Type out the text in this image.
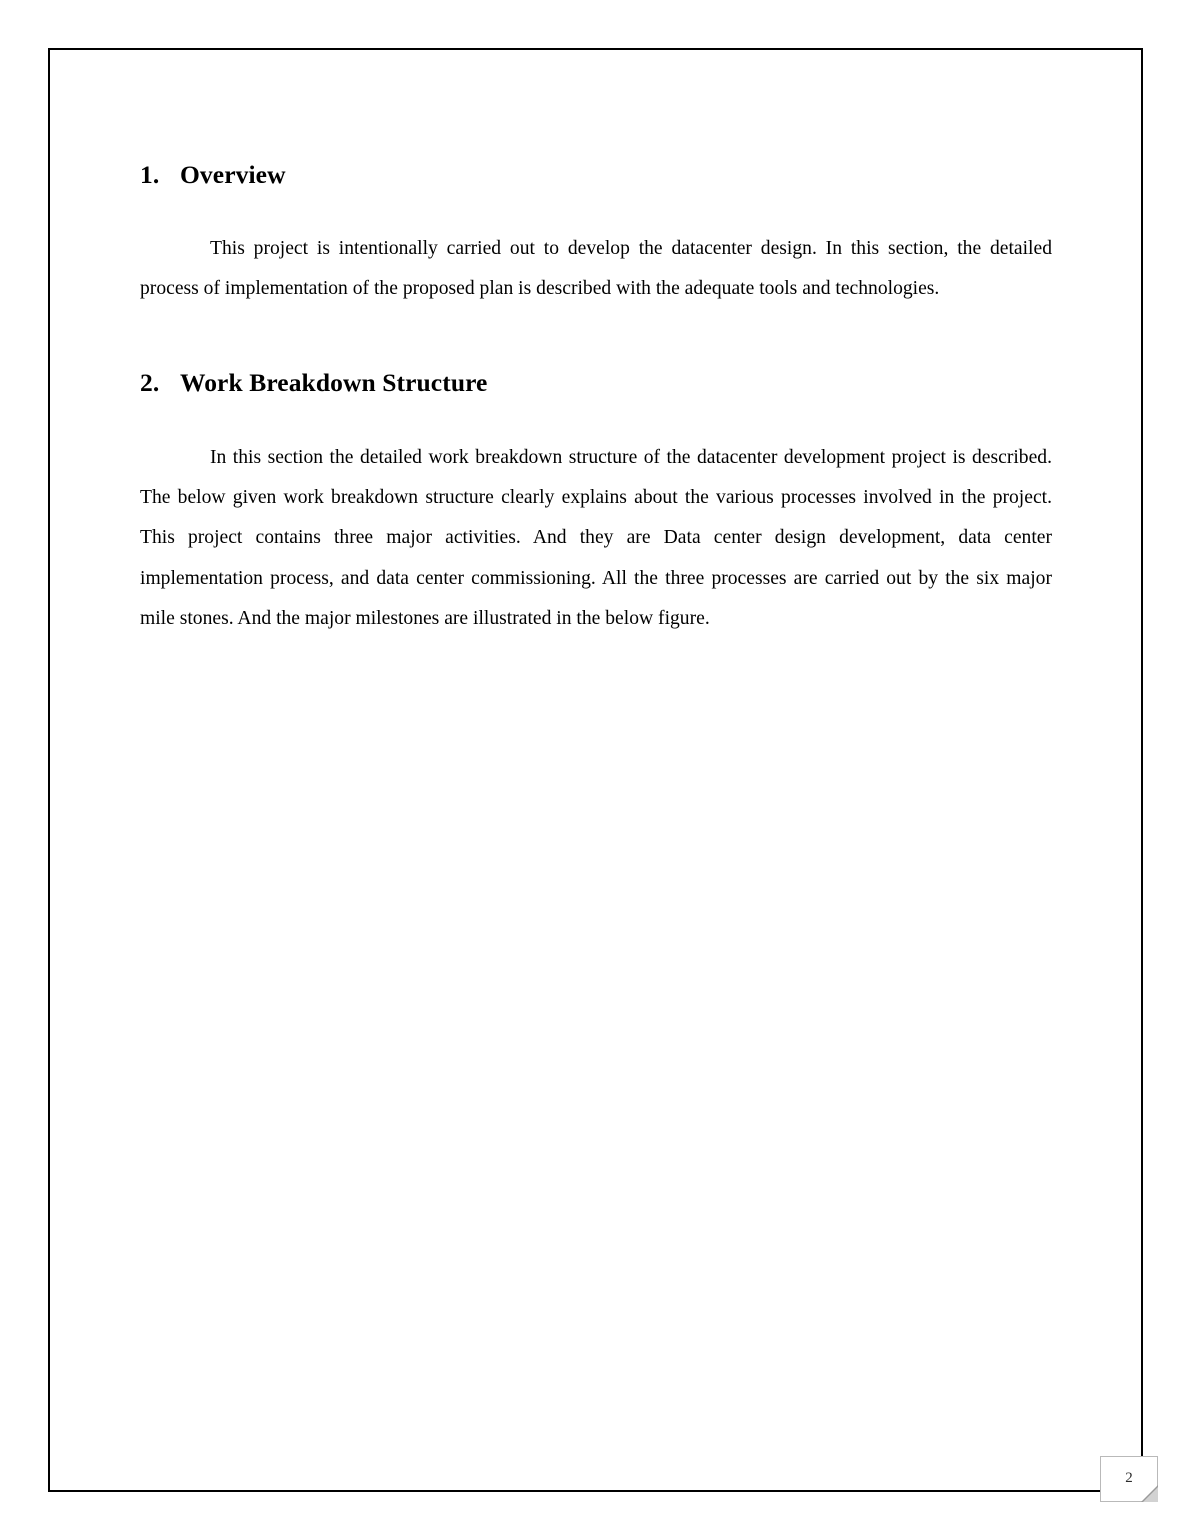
1. Overview

This project is intentionally carried out to develop the datacenter design. In this section, the detailed process of implementation of the proposed plan is described with the adequate tools and technologies.

2. Work Breakdown Structure

In this section the detailed work breakdown structure of the datacenter development project is described. The below given work breakdown structure clearly explains about the various processes involved in the project. This project contains three major activities. And they are Data center design development, data center implementation process, and data center commissioning. All the three processes are carried out by the six major mile stones. And the major milestones are illustrated in the below figure.

2
